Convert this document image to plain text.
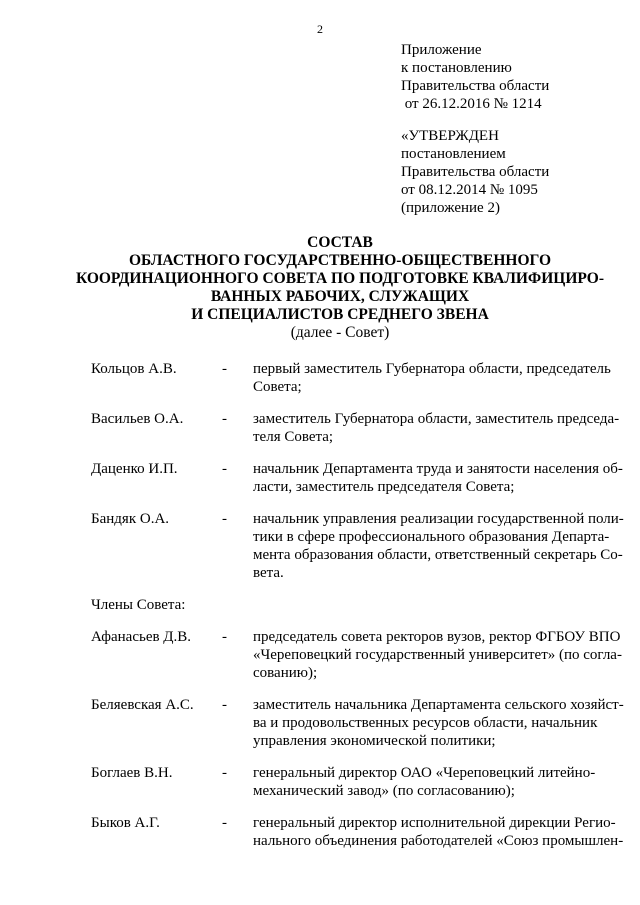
2
Приложение
к постановлению
Правительства области
от 26.12.2016 № 1214
«УТВЕРЖДЕН
постановлением
Правительства области
от 08.12.2014 № 1095
(приложение 2)
СОСТАВ
ОБЛАСТНОГО ГОСУДАРСТВЕННО-ОБЩЕСТВЕННОГО
КООРДИНАЦИОННОГО СОВЕТА ПО ПОДГОТОВКЕ КВАЛИФИЦИРО-
ВАННЫХ РАБОЧИХ, СЛУЖАЩИХ
И СПЕЦИАЛИСТОВ СРЕДНЕГО ЗВЕНА
(далее - Совет)
Кольцов А.В.	-	первый заместитель Губернатора области, председатель
Совета;
Васильев О.А.	-	заместитель Губернатора области, заместитель председа-
теля Совета;
Даценко И.П.	-	начальник Департамента труда и занятости населения об-
ласти, заместитель председателя Совета;
Бандяк О.А.	-	начальник управления реализации государственной поли-
тики в сфере профессионального образования Департа-
мента образования области, ответственный секретарь Со-
вета.
Члены Совета:
Афанасьев Д.В.	-	председатель совета ректоров вузов, ректор ФГБОУ ВПО
«Череповецкий государственный университет» (по согла-
сованию);
Беляевская А.С.	-	заместитель начальника Департамента сельского хозяйст-
ва и продовольственных ресурсов области, начальник
управления экономической политики;
Боглаев В.Н.	-	генеральный директор ОАО «Череповецкий литейно-
механический завод» (по согласованию);
Быков А.Г.	-	генеральный директор исполнительной дирекции Регио-
нального объединения работодателей «Союз промышлен-
